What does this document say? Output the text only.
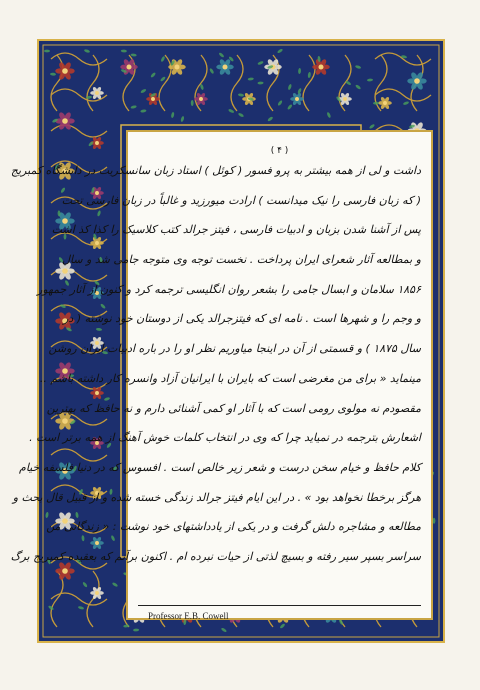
( ۴ )
داشت و لی از همه بیشتر به پرو فسور ( کوئل ) استاد زبان سانسکریت در دانشگاه کمبریج
( که زبان فارسی را نیک میدانست ) ارادت میورزید و غالباً در زبان فارسی تحت
پس از آشنا شدن بزبان و ادبیات فارسی ، فیتز جرالد کتب کلاسیک را کذا کذ اشت
و بمطالعه آثار شعرای ایران پرداخت . نخست توجه وی متوجه جامی شد و سال
۱۸۵۶ سلامان و ابسال جامی را بشعر روان انگلیسی ترجمه کرد و کنون از آثار جمهور
و وجم را و شهرها است . نامه ای که فیتزجرالد یکی از دوستان خود نوشته ( در
سال ۱۸۷۵ ) و قسمتی از آن در اینجا میاوریم نظر او را در باره ادبیات ایران روشن
مینماید « برای من مغرضی است که بایران با ایرانیان آزاد وانسره کار داشته باشم ..
مقصودم نه مولوی رومی است که با آثار او کمی آشنائی دارم و نه حافظ که بهترین
اشعارش بترجمه در نمیاید چرا که وی در انتخاب کلمات خوش آهنگ از همه برتر است .
کلام حافظ و خیام سخن درست و شعر زیر خالص است . افسوس که در دنیا فلسفه خیام
هرگز برخطا نخواهد بود » . در این ایام فیتز جرالد زندگی خسته شده و از قبیل قال بحث و
مطالعه و مشاجره دلش گرفت و در یکی از یادداشتهای خود نوشت : « زندگانی من
سراسر بسپر سیر رفته و بسیچ لذتی از حیات نبرده ام . اکنون برآنم که بعقیده کمبریج برگ
Professor E.B. Cowell
